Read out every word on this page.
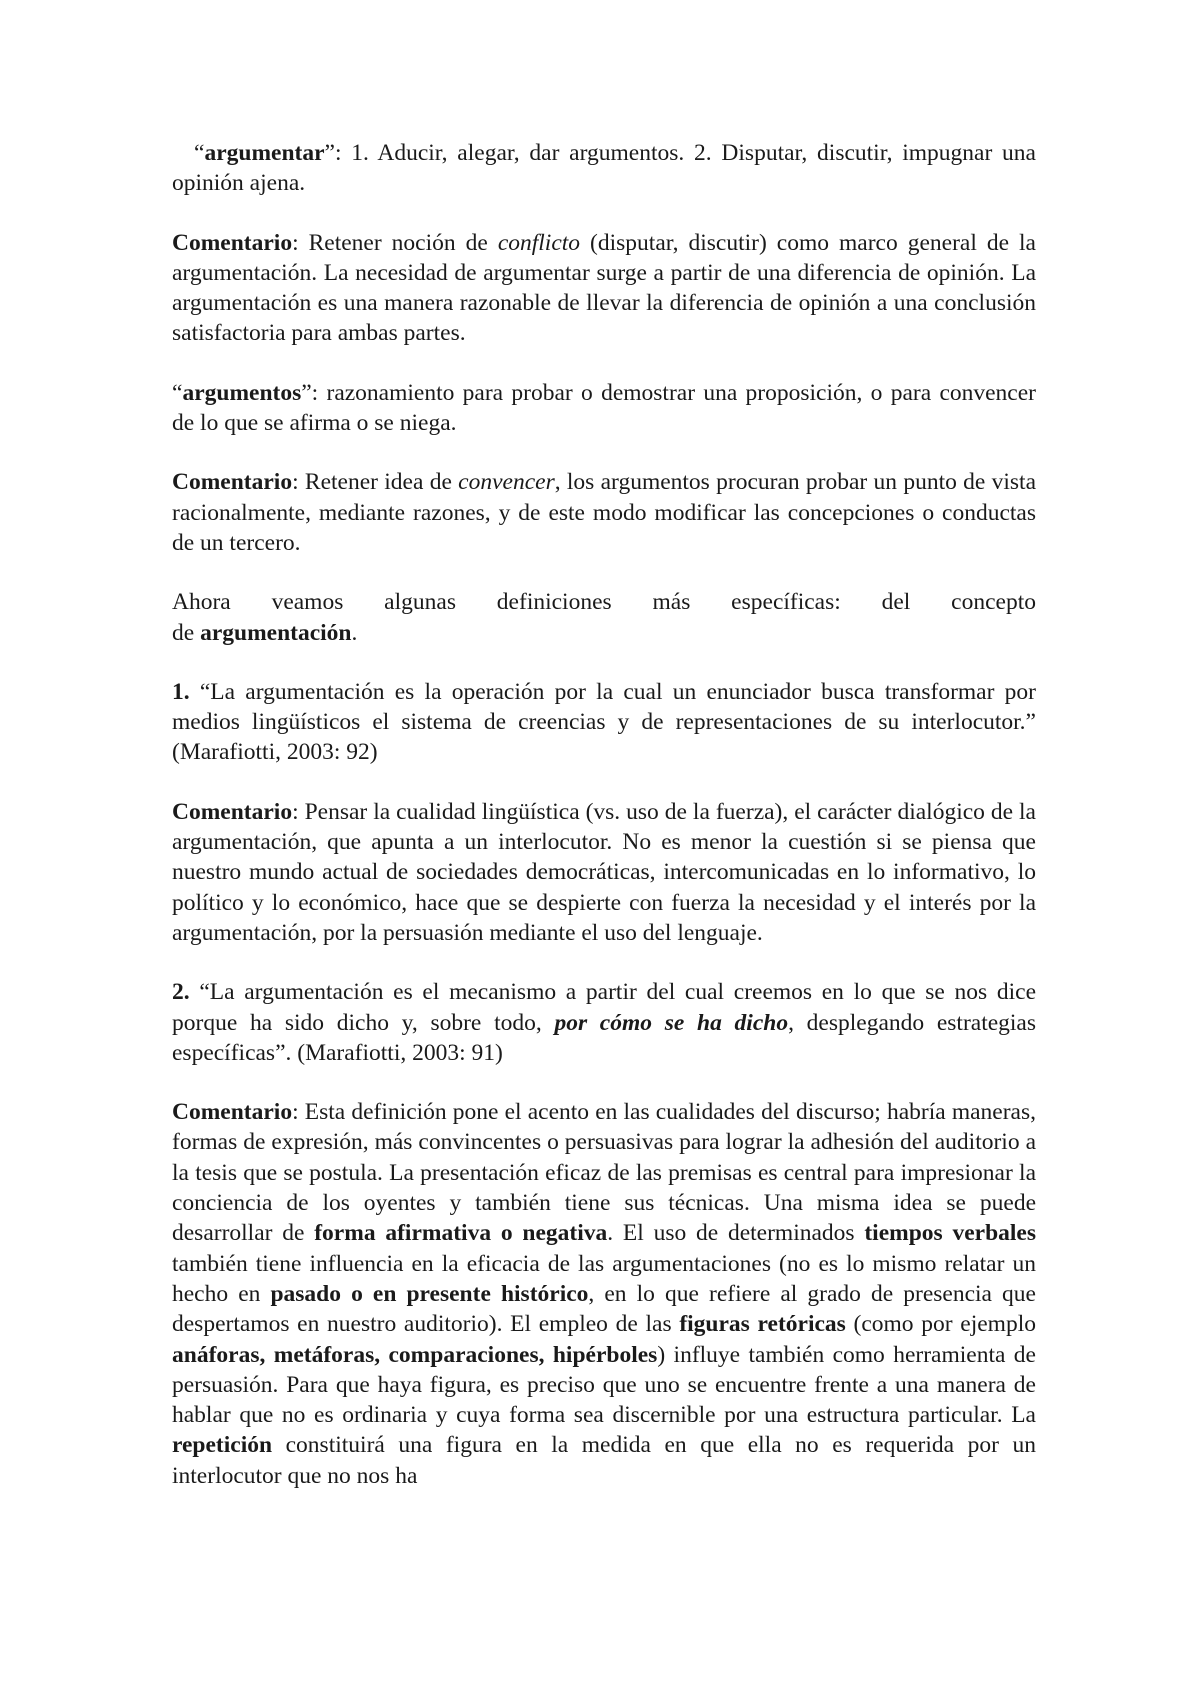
“argumentar”: 1. Aducir, alegar, dar argumentos. 2. Disputar, discutir, impugnar una opinión ajena.

Comentario: Retener noción de conflicto (disputar, discutir) como marco general de la argumentación. La necesidad de argumentar surge a partir de una diferencia de opinión. La argumentación es una manera razonable de llevar la diferencia de opinión a una conclusión satisfactoria para ambas partes.

“argumentos”: razonamiento para probar o demostrar una proposición, o para convencer de lo que se afirma o se niega.

Comentario: Retener idea de convencer, los argumentos procuran probar un punto de vista racionalmente, mediante razones, y de este modo modificar las concepciones o conductas de un tercero.

Ahora veamos algunas definiciones más específicas: del concepto
de argumentación.

1. “La argumentación es la operación por la cual un enunciador busca transformar por medios lingüísticos el sistema de creencias y de representaciones de su interlocutor.” (Marafiotti, 2003: 92)

Comentario: Pensar la cualidad lingüística (vs. uso de la fuerza), el carácter dialógico de la argumentación, que apunta a un interlocutor. No es menor la cuestión si se piensa que nuestro mundo actual de sociedades democráticas, intercomunicadas en lo informativo, lo político y lo económico, hace que se despierte con fuerza la necesidad y el interés por la argumentación, por la persuasión mediante el uso del lenguaje.

2. “La argumentación es el mecanismo a partir del cual creemos en lo que se nos dice porque ha sido dicho y, sobre todo, por cómo se ha dicho, desplegando estrategias específicas”. (Marafiotti, 2003: 91)

Comentario: Esta definición pone el acento en las cualidades del discurso; habría maneras, formas de expresión, más convincentes o persuasivas para lograr la adhesión del auditorio a la tesis que se postula. La presentación eficaz de las premisas es central para impresionar la conciencia de los oyentes y también tiene sus técnicas. Una misma idea se puede desarrollar de forma afirmativa o negativa. El uso de determinados tiempos verbales también tiene influencia en la eficacia de las argumentaciones (no es lo mismo relatar un hecho en pasado o en presente histórico, en lo que refiere al grado de presencia que despertamos en nuestro auditorio). El empleo de las figuras retóricas (como por ejemplo anáforas, metáforas, comparaciones, hipérboles) influye también como herramienta de persuasión. Para que haya figura, es preciso que uno se encuentre frente a una manera de hablar que no es ordinaria y cuya forma sea discernible por una estructura particular. La repetición constituirá una figura en la medida en que ella no es requerida por un interlocutor que no nos ha
